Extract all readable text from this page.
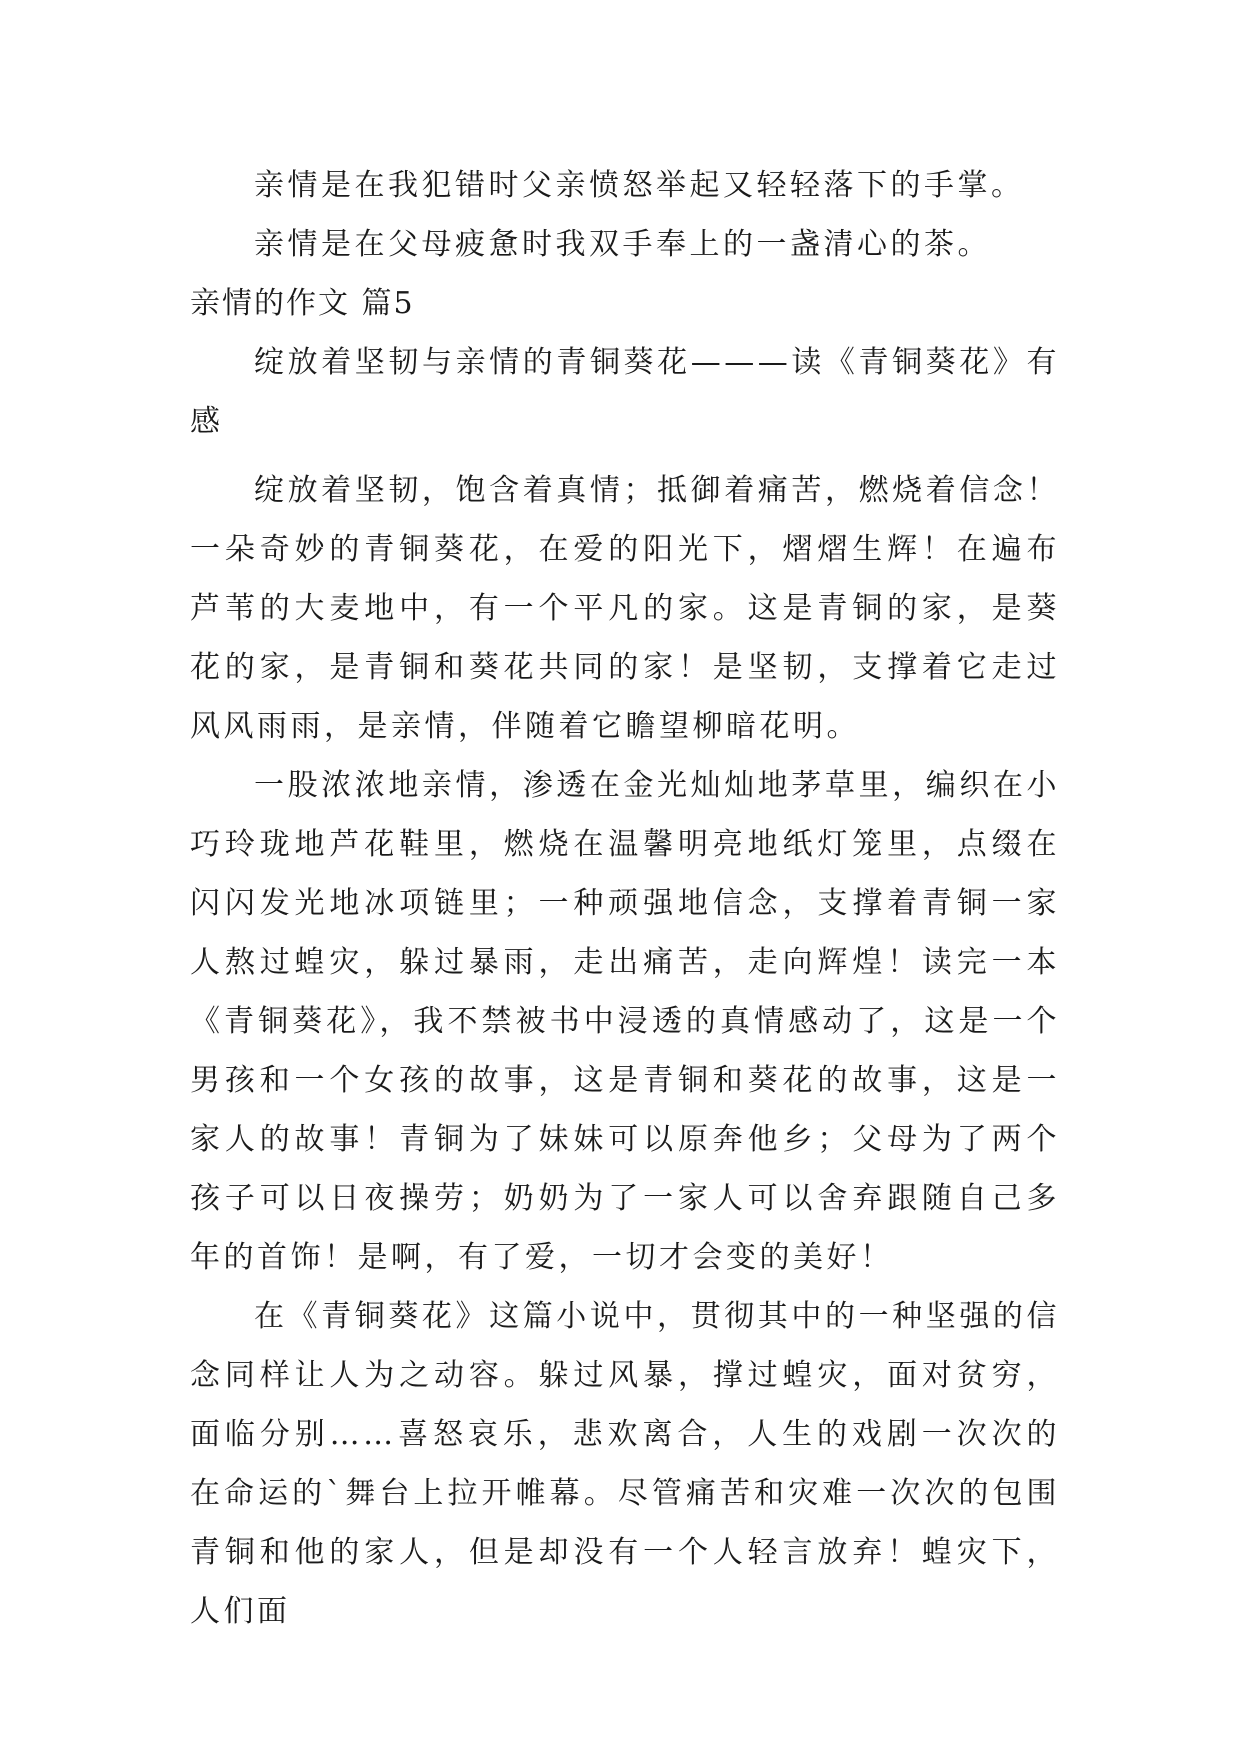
亲情是在我犯错时父亲愤怒举起又轻轻落下的手掌。

亲情是在父母疲惫时我双手奉上的一盏清心的茶。

亲情的作文 篇5

绽放着坚韧与亲情的青铜葵花———读《青铜葵花》有感

绽放着坚韧，饱含着真情；抵御着痛苦，燃烧着信念！一朵奇妙的青铜葵花，在爱的阳光下，熠熠生辉！在遍布芦苇的大麦地中，有一个平凡的家。这是青铜的家，是葵花的家，是青铜和葵花共同的家！是坚韧，支撑着它走过风风雨雨，是亲情，伴随着它瞻望柳暗花明。

一股浓浓地亲情，渗透在金光灿灿地茅草里，编织在小巧玲珑地芦花鞋里，燃烧在温馨明亮地纸灯笼里，点缀在闪闪发光地冰项链里；一种顽强地信念，支撑着青铜一家人熬过蝗灾，躲过暴雨，走出痛苦，走向辉煌！读完一本《青铜葵花》，我不禁被书中浸透的真情感动了，这是一个男孩和一个女孩的故事，这是青铜和葵花的故事，这是一家人的故事！青铜为了妹妹可以原奔他乡；父母为了两个孩子可以日夜操劳；奶奶为了一家人可以舍弃跟随自己多年的首饰！是啊，有了爱，一切才会变的美好！

在《青铜葵花》这篇小说中，贯彻其中的一种坚强的信念同样让人为之动容。躲过风暴，撑过蝗灾，面对贫穷，面临分别……喜怒哀乐，悲欢离合，人生的戏剧一次次的在命运的`舞台上拉开帷幕。尽管痛苦和灾难一次次的包围青铜和他的家人，但是却没有一个人轻言放弃！蝗灾下，人们面
